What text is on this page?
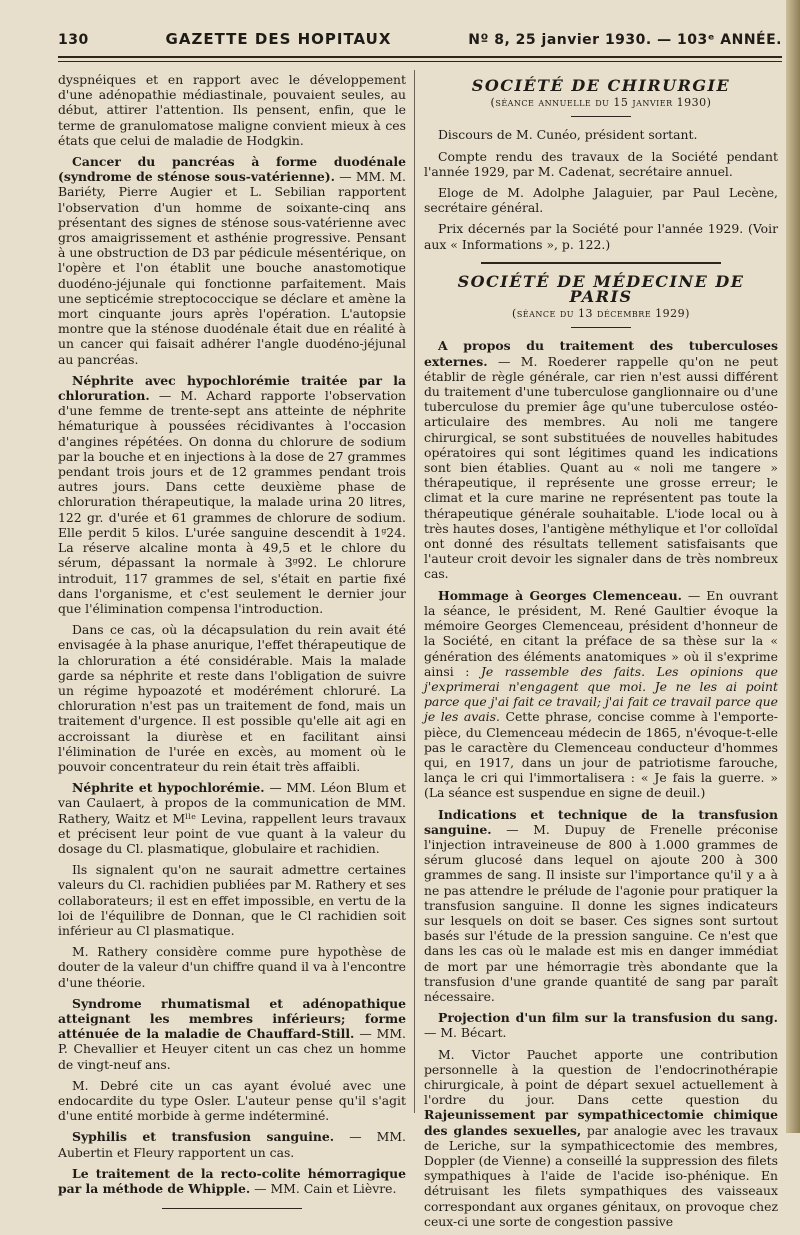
130	GAZETTE DES HOPITAUX	Nº 8, 25 janvier 1930. — 103ᵉ ANNÉE.

dyspnéiques et en rapport avec le développement d'une adénopathie médiastinale, pouvaient seules, au début, attirer l'attention. Ils pensent, enfin, que le terme de granulomatose maligne convient mieux à ces états que celui de maladie de Hodgkin.

Cancer du pancréas à forme duodénale (syndrome de sténose sous-vatérienne). — MM. M. Bariéty, Pierre Augier et L. Sebilian rapportent l'observation d'un homme de soixante-cinq ans présentant des signes de sténose sous-vatérienne avec gros amaigrissement et asthénie progressive. Pensant à une obstruction de D3 par pédicule mésentérique, on l'opère et l'on établit une bouche anastomotique duodéno-jéjunale qui fonctionne parfaitement. Mais une septicémie streptococcique se déclare et amène la mort cinquante jours après l'opération. L'autopsie montre que la sténose duodénale était due en réalité à un cancer qui faisait adhérer l'angle duodéno-jéjunal au pancréas.

Néphrite avec hypochlorémie traitée par la chloruration. — M. Achard rapporte l'observation d'une femme de trente-sept ans atteinte de néphrite hématurique à poussées récidivantes à l'occasion d'angines répétées. On donna du chlorure de sodium par la bouche et en injections à la dose de 27 grammes pendant trois jours et de 12 grammes pendant trois autres jours. Dans cette deuxième phase de chloruration thérapeutique, la malade urina 20 litres, 122 gr. d'urée et 61 grammes de chlorure de sodium. Elle perdit 5 kilos. L'urée sanguine descendit à 1ᵍ24. La réserve alcaline monta à 49,5 et le chlore du sérum, dépassant la normale à 3ᵍ92. Le chlorure introduit, 117 grammes de sel, s'était en partie fixé dans l'organisme, et c'est seulement le dernier jour que l'élimination compensa l'introduction.

Dans ce cas, où la décapsulation du rein avait été envisagée à la phase anurique, l'effet thérapeutique de la chloruration a été considérable. Mais la malade garde sa néphrite et reste dans l'obligation de suivre un régime hypoazoté et modérément chloruré. La chloruration n'est pas un traitement de fond, mais un traitement d'urgence. Il est possible qu'elle ait agi en accroissant la diurèse et en facilitant ainsi l'élimination de l'urée en excès, au moment où le pouvoir concentrateur du rein était très affaibli.

Néphrite et hypochlorémie. — MM. Léon Blum et van Caulaert, à propos de la communication de MM. Rathery, Waitz et Mˡˡᵉ Levina, rappellent leurs travaux et précisent leur point de vue quant à la valeur du dosage du Cl. plasmatique, globulaire et rachidien.

Ils signalent qu'on ne saurait admettre certaines valeurs du Cl. rachidien publiées par M. Rathery et ses collaborateurs; il est en effet impossible, en vertu de la loi de l'équilibre de Donnan, que le Cl rachidien soit inférieur au Cl plasmatique.

M. Rathery considère comme pure hypothèse de douter de la valeur d'un chiffre quand il va à l'encontre d'une théorie.

Syndrome rhumatismal et adénopathique atteignant les membres inférieurs; forme atténuée de la maladie de Chauffard-Still. — MM. P. Chevallier et Heuyer citent un cas chez un homme de vingt-neuf ans.

M. Debré cite un cas ayant évolué avec une endocardite du type Osler. L'auteur pense qu'il s'agit d'une entité morbide à germe indéterminé.

Syphilis et transfusion sanguine. — MM. Aubertin et Fleury rapportent un cas.

Le traitement de la recto-colite hémorragique par la méthode de Whipple. — MM. Cain et Lièvre.

SOCIÉTÉ DE CHIRURGIE
(séance annuelle du 15 janvier 1930)

Discours de M. Cunéo, président sortant.

Compte rendu des travaux de la Société pendant l'année 1929, par M. Cadenat, secrétaire annuel.

Eloge de M. Adolphe Jalaguier, par Paul Lecène, secrétaire général.

Prix décernés par la Société pour l'année 1929. (Voir aux « Informations », p. 122.)

SOCIÉTÉ DE MÉDECINE DE PARIS
(séance du 13 décembre 1929)

A propos du traitement des tuberculoses externes. — M. Roederer rappelle qu'on ne peut établir de règle générale, car rien n'est aussi différent du traitement d'une tuberculose ganglionnaire ou d'une tuberculose du premier âge qu'une tuberculose ostéo-articulaire des membres. Au noli me tangere chirurgical, se sont substituées de nouvelles habitudes opératoires qui sont légitimes quand les indications sont bien établies. Quant au « noli me tangere » thérapeutique, il représente une grosse erreur; le climat et la cure marine ne représentent pas toute la thérapeutique générale souhaitable. L'iode local ou à très hautes doses, l'antigène méthylique et l'or colloïdal ont donné des résultats tellement satisfaisants que l'auteur croit devoir les signaler dans de très nombreux cas.

Hommage à Georges Clemenceau. — En ouvrant la séance, le président, M. René Gaultier évoque la mémoire Georges Clemenceau, président d'honneur de la Société, en citant la préface de sa thèse sur la « génération des éléments anatomiques » où il s'exprime ainsi : Je rassemble des faits. Les opinions que j'exprimerai n'engagent que moi. Je ne les ai point parce que j'ai fait ce travail; j'ai fait ce travail parce que je les avais. Cette phrase, concise comme à l'emporte-pièce, du Clemenceau médecin de 1865, n'évoque-t-elle pas le caractère du Clemenceau conducteur d'hommes qui, en 1917, dans un jour de patriotisme farouche, lança le cri qui l'immortalisera : « Je fais la guerre. » (La séance est suspendue en signe de deuil.)

Indications et technique de la transfusion sanguine. — M. Dupuy de Frenelle préconise l'injection intraveineuse de 800 à 1.000 grammes de sérum glucosé dans lequel on ajoute 200 à 300 grammes de sang. Il insiste sur l'importance qu'il y a à ne pas attendre le prélude de l'agonie pour pratiquer la transfusion sanguine. Il donne les signes indicateurs sur lesquels on doit se baser. Ces signes sont surtout basés sur l'étude de la pression sanguine. Ce n'est que dans les cas où le malade est mis en danger immédiat de mort par une hémorragie très abondante que la transfusion d'une grande quantité de sang par paraît nécessaire.

Projection d'un film sur la transfusion du sang. — M. Bécart.

M. Victor Pauchet apporte une contribution personnelle à la question de l'endocrinothérapie chirurgicale, à point de départ sexuel actuellement à l'ordre du jour. Dans cette question du Rajeunissement par sympathicectomie chimique des glandes sexuelles, par analogie avec les travaux de Leriche, sur la sympathicectomie des membres, Doppler (de Vienne) a conseillé la suppression des filets sympathiques à l'aide de l'acide iso-phénique. En détruisant les filets sympathiques des vaisseaux correspondant aux organes génitaux, on provoque chez ceux-ci une sorte de congestion passive
